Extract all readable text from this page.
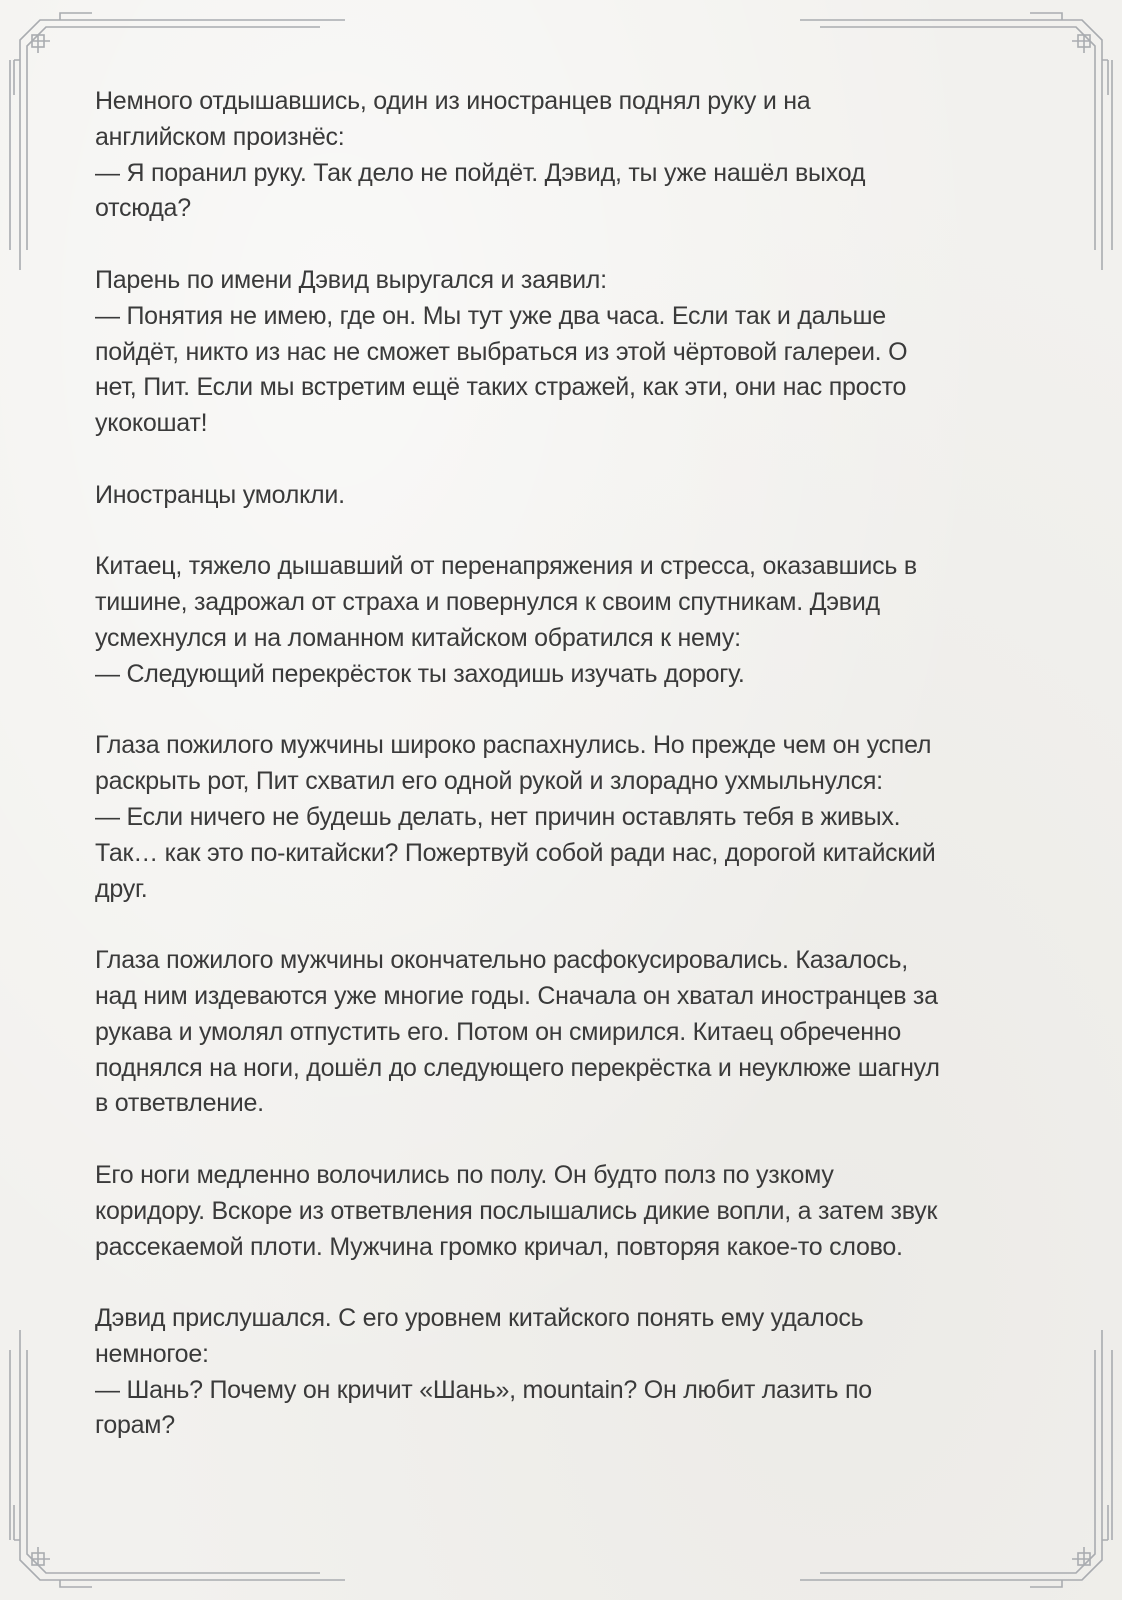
Немного отдышавшись, один из иностранцев поднял руку и на
английском произнёс:
— Я поранил руку. Так дело не пойдёт. Дэвид, ты уже нашёл выход
отсюда?

Парень по имени Дэвид выругался и заявил:
— Понятия не имею, где он. Мы тут уже два часа. Если так и дальше
пойдёт, никто из нас не сможет выбраться из этой чёртовой галереи. О
нет, Пит. Если мы встретим ещё таких стражей, как эти, они нас просто
укокошат!

Иностранцы умолкли.

Китаец, тяжело дышавший от перенапряжения и стресса, оказавшись в
тишине, задрожал от страха и повернулся к своим спутникам. Дэвид
усмехнулся и на ломанном китайском обратился к нему:
— Следующий перекрёсток ты заходишь изучать дорогу.

Глаза пожилого мужчины широко распахнулись. Но прежде чем он успел
раскрыть рот, Пит схватил его одной рукой и злорадно ухмыльнулся:
— Если ничего не будешь делать, нет причин оставлять тебя в живых.
Так… как это по-китайски? Пожертвуй собой ради нас, дорогой китайский
друг.

Глаза пожилого мужчины окончательно расфокусировались. Казалось,
над ним издеваются уже многие годы. Сначала он хватал иностранцев за
рукава и умолял отпустить его. Потом он смирился. Китаец обреченно
поднялся на ноги, дошёл до следующего перекрёстка и неуклюже шагнул
в ответвление.

Его ноги медленно волочились по полу. Он будто полз по узкому
коридору. Вскоре из ответвления послышались дикие вопли, а затем звук
рассекаемой плоти. Мужчина громко кричал, повторяя какое-то слово.

Дэвид прислушался. С его уровнем китайского понять ему удалось
немногое:
— Шань? Почему он кричит «Шань», mountain? Он любит лазить по
горам?
